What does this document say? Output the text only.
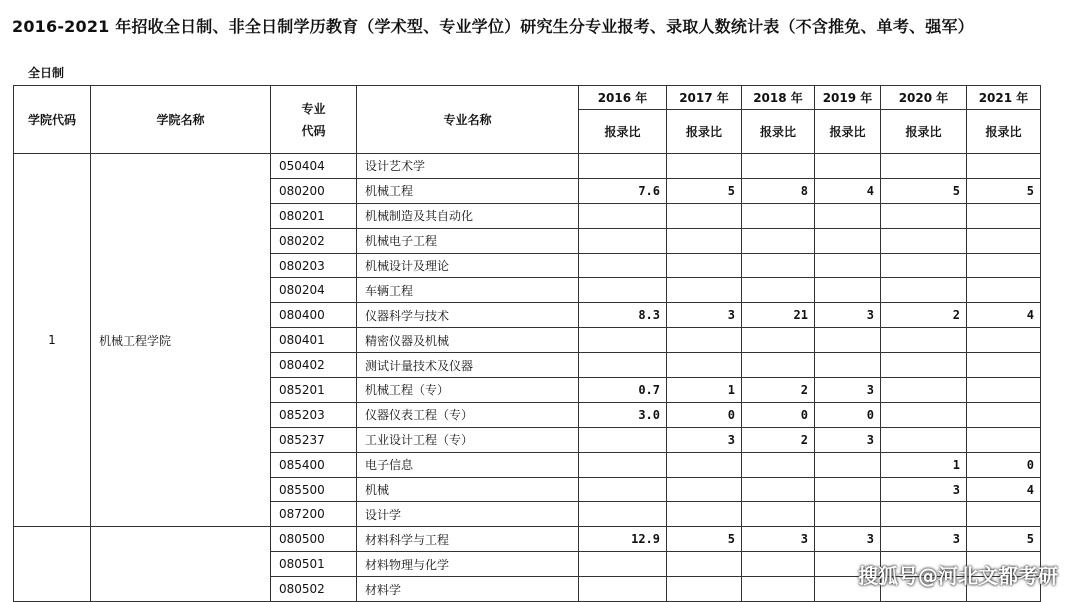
2016-2021 年招收全日制、非全日制学历教育（学术型、专业学位）研究生分专业报考、录取人数统计表（不含推免、单考、强军）
全日制
学院代码	学院名称	专业
代码	专业名称	2016 年	2017 年	2018 年	2019 年	2020 年	2021 年
				报录比	报录比	报录比	报录比	报录比	报录比
1	机械工程学院	050404	设计艺术学						
		080200	机械工程	7.6	5	8	4	5	5
		080201	机械制造及其自动化						
		080202	机械电子工程						
		080203	机械设计及理论						
		080204	车辆工程						
		080400	仪器科学与技术	8.3	3	21	3	2	4
		080401	精密仪器及机械						
		080402	测试计量技术及仪器						
		085201	机械工程（专）	0.7	1	2	3		
		085203	仪器仪表工程（专）	3.0	0	0	0		
		085237	工业设计工程（专）		3	2	3		
		085400	电子信息					1	0
		085500	机械					3	4
		087200	设计学						
		080500	材料科学与工程	12.9	5	3	3	3	5
		080501	材料物理与化学						
		080502	材料学						
搜狐号@河北文都考研
